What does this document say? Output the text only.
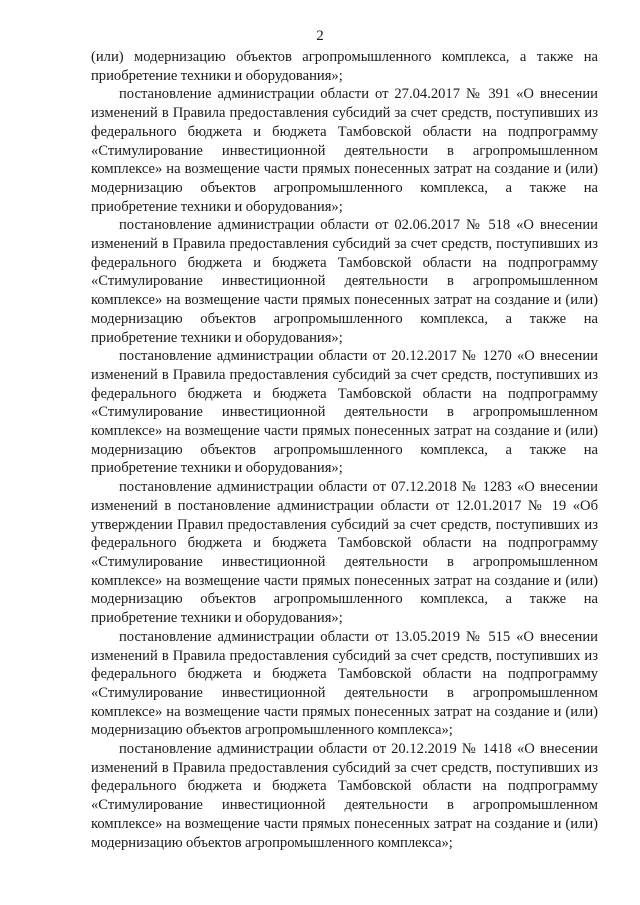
2

(или) модернизацию объектов агропромышленного комплекса, а также на приобретение техники и оборудования»;

постановление администрации области от 27.04.2017 № 391 «О внесении изменений в Правила предоставления субсидий за счет средств, поступивших из федерального бюджета и бюджета Тамбовской области на подпрограмму «Стимулирование инвестиционной деятельности в агропромышленном комплексе» на возмещение части прямых понесенных затрат на создание и (или) модернизацию объектов агропромышленного комплекса, а также на приобретение техники и оборудования»;

постановление администрации области от 02.06.2017 № 518 «О внесении изменений в Правила предоставления субсидий за счет средств, поступивших из федерального бюджета и бюджета Тамбовской области на подпрограмму «Стимулирование инвестиционной деятельности в агропромышленном комплексе» на возмещение части прямых понесенных затрат на создание и (или) модернизацию объектов агропромышленного комплекса, а также на приобретение техники и оборудования»;

постановление администрации области от 20.12.2017 № 1270 «О внесении изменений в Правила предоставления субсидий за счет средств, поступивших из федерального бюджета и бюджета Тамбовской области на подпрограмму «Стимулирование инвестиционной деятельности в агропромышленном комплексе» на возмещение части прямых понесенных затрат на создание и (или) модернизацию объектов агропромышленного комплекса, а также на приобретение техники и оборудования»;

постановление администрации области от 07.12.2018 № 1283 «О внесении изменений в постановление администрации области от 12.01.2017 № 19 «Об утверждении Правил предоставления субсидий за счет средств, поступивших из федерального бюджета и бюджета Тамбовской области на подпрограмму «Стимулирование инвестиционной деятельности в агропромышленном комплексе» на возмещение части прямых понесенных затрат на создание и (или) модернизацию объектов агропромышленного комплекса, а также на приобретение техники и оборудования»;

постановление администрации области от 13.05.2019 № 515 «О внесении изменений в Правила предоставления субсидий за счет средств, поступивших из федерального бюджета и бюджета Тамбовской области на подпрограмму «Стимулирование инвестиционной деятельности в агропромышленном комплексе» на возмещение части прямых понесенных затрат на создание и (или) модернизацию объектов агропромышленного комплекса»;

постановление администрации области от 20.12.2019 № 1418 «О внесении изменений в Правила предоставления субсидий за счет средств, поступивших из федерального бюджета и бюджета Тамбовской области на подпрограмму «Стимулирование инвестиционной деятельности в агропромышленном комплексе» на возмещение части прямых понесенных затрат на создание и (или) модернизацию объектов агропромышленного комплекса»;
